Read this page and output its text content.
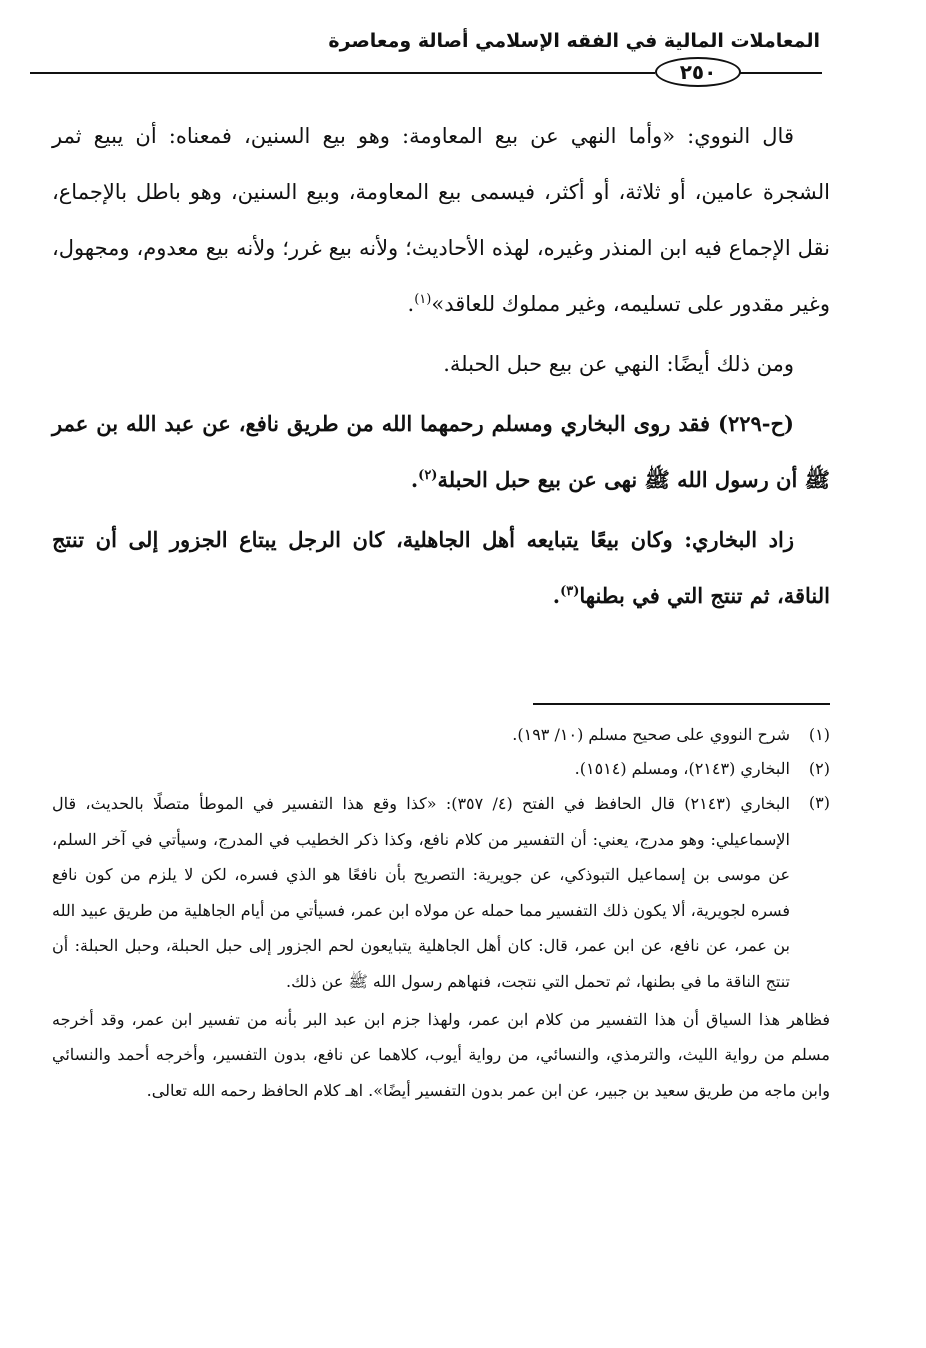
المعاملات المالية في الفقه الإسلامي أصالة ومعاصرة
٢٥٠

قال النووي: «وأما النهي عن بيع المعاومة: وهو بيع السنين، فمعناه: أن يبيع ثمر الشجرة عامين، أو ثلاثة، أو أكثر، فيسمى بيع المعاومة، وبيع السنين، وهو باطل بالإجماع، نقل الإجماع فيه ابن المنذر وغيره، لهذه الأحاديث؛ ولأنه بيع غرر؛ ولأنه بيع معدوم، ومجهول، وغير مقدور على تسليمه، وغير مملوك للعاقد»$^{(١)}$.

ومن ذلك أيضًا: النهي عن بيع حبل الحبلة.

(ح-٢٢٩) فقد روى البخاري ومسلم رحمهما الله من طريق نافع، عن عبد الله بن عمر ﷺ أن رسول الله ﷺ نهى عن بيع حبل الحبلة$^{(٢)}$.

زاد البخاري: وكان بيعًا يتبايعه أهل الجاهلية، كان الرجل يبتاع الجزور إلى أن تنتج الناقة، ثم تنتج التي في بطنها$^{(٣)}$.

(١)
شرح النووي على صحيح مسلم (١٠/ ١٩٣).
(٢)
البخاري (٢١٤٣)، ومسلم (١٥١٤).
(٣)
البخاري (٢١٤٣) قال الحافظ في الفتح (٤/ ٣٥٧): «كذا وقع هذا التفسير في الموطأ متصلًا بالحديث، قال الإسماعيلي: وهو مدرج، يعني: أن التفسير من كلام نافع، وكذا ذكر الخطيب في المدرج، وسيأتي في آخر السلم، عن موسى بن إسماعيل التبوذكي، عن جويرية: التصريح بأن نافعًا هو الذي فسره، لكن لا يلزم من كون نافع فسره لجويرية، ألا يكون ذلك التفسير مما حمله عن مولاه ابن عمر، فسيأتي من أيام الجاهلية من طريق عبيد الله بن عمر، عن نافع، عن ابن عمر، قال: كان أهل الجاهلية يتبايعون لحم الجزور إلى حبل الحبلة، وحبل الحبلة: أن تنتج الناقة ما في بطنها، ثم تحمل التي نتجت، فنهاهم رسول الله ﷺ عن ذلك.

فظاهر هذا السياق أن هذا التفسير من كلام ابن عمر، ولهذا جزم ابن عبد البر بأنه من تفسير ابن عمر، وقد أخرجه مسلم من رواية الليث، والترمذي، والنسائي، من رواية أيوب، كلاهما عن نافع، بدون التفسير، وأخرجه أحمد والنسائي وابن ماجه من طريق سعيد بن جبير، عن ابن عمر بدون التفسير أيضًا». اهـ كلام الحافظ رحمه الله تعالى.
